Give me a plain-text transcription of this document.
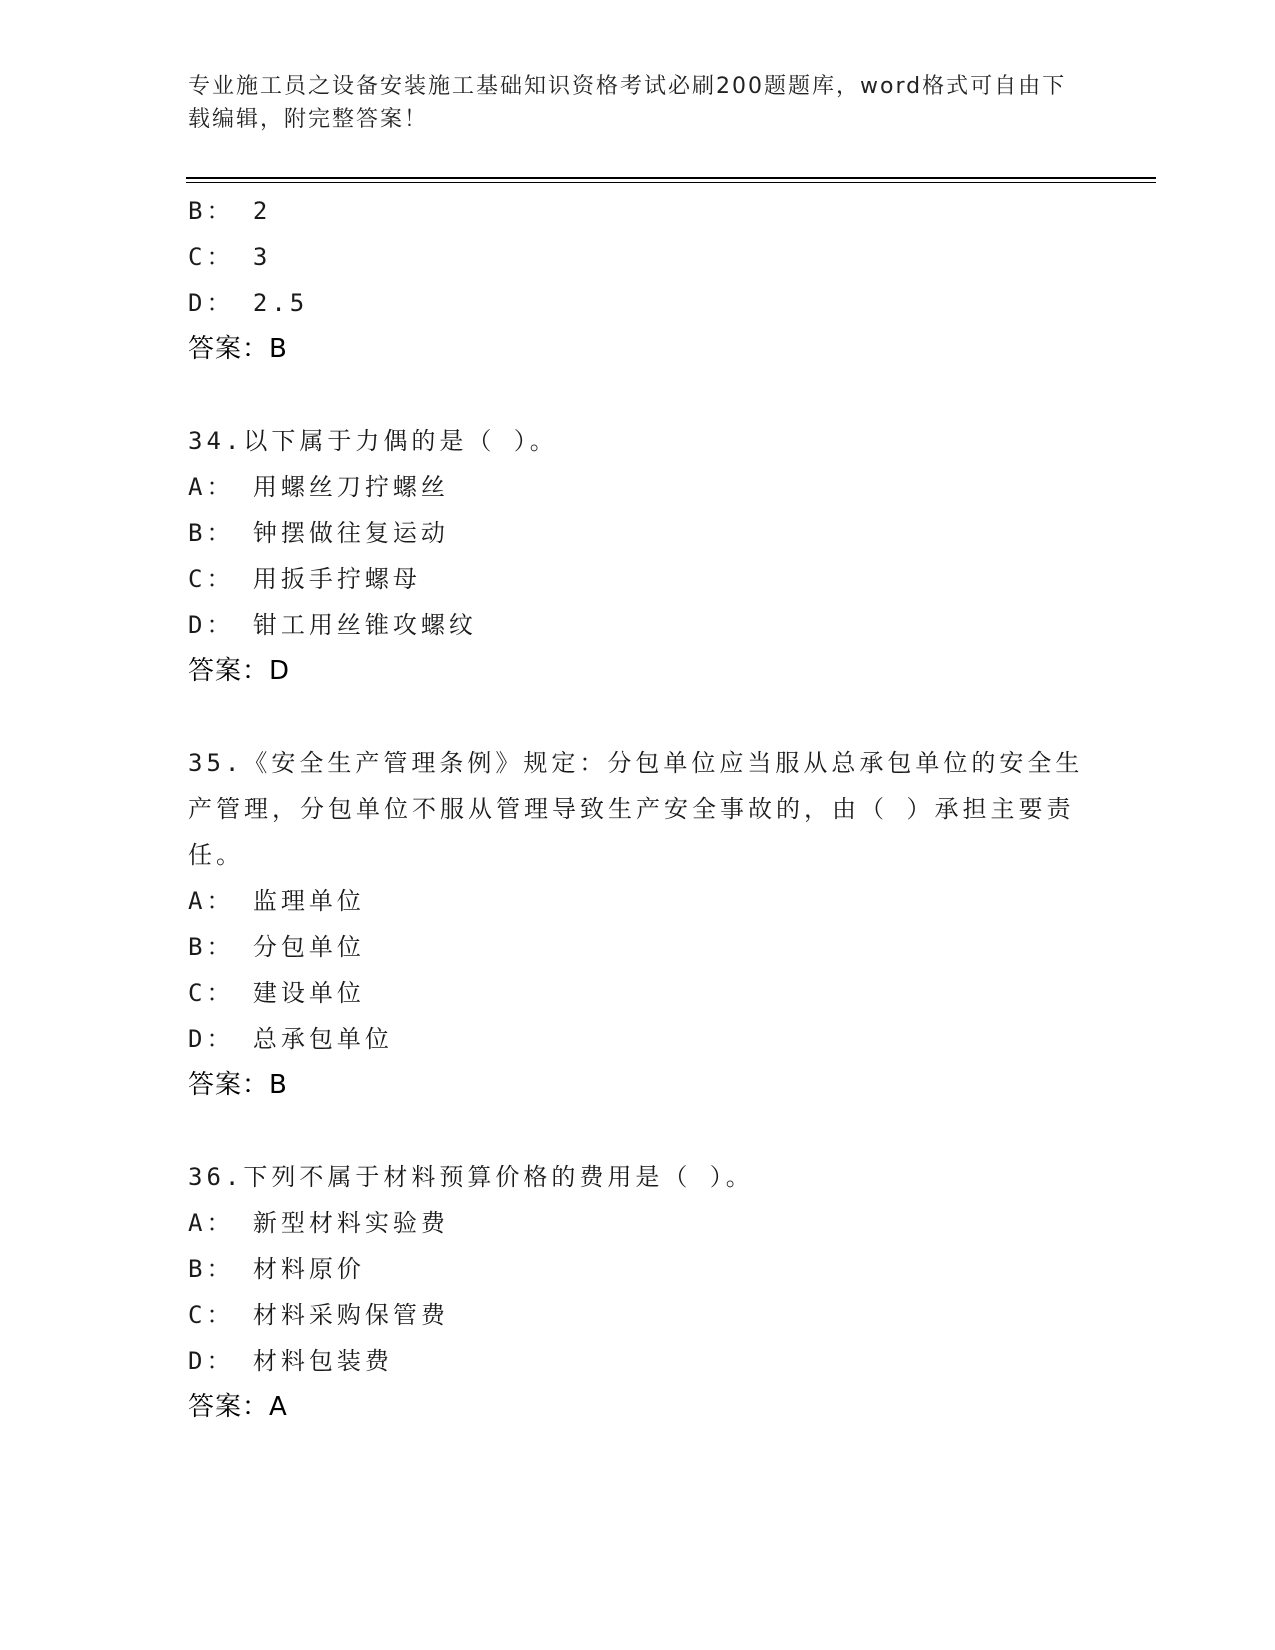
专业施工员之设备安装施工基础知识资格考试必刷200题题库，word格式可自由下载编辑，附完整答案！
B： 2
C： 3
D： 2.5
答案：B
34.以下属于力偶的是（ ）。
A： 用螺丝刀拧螺丝
B： 钟摆做往复运动
C： 用扳手拧螺母
D： 钳工用丝锥攻螺纹
答案：D
35.《安全生产管理条例》规定：分包单位应当服从总承包单位的安全生产管理，分包单位不服从管理导致生产安全事故的，由（ ）承担主要责任。
A： 监理单位
B： 分包单位
C： 建设单位
D： 总承包单位
答案：B
36.下列不属于材料预算价格的费用是（ ）。
A： 新型材料实验费
B： 材料原价
C： 材料采购保管费
D： 材料包装费
答案：A
